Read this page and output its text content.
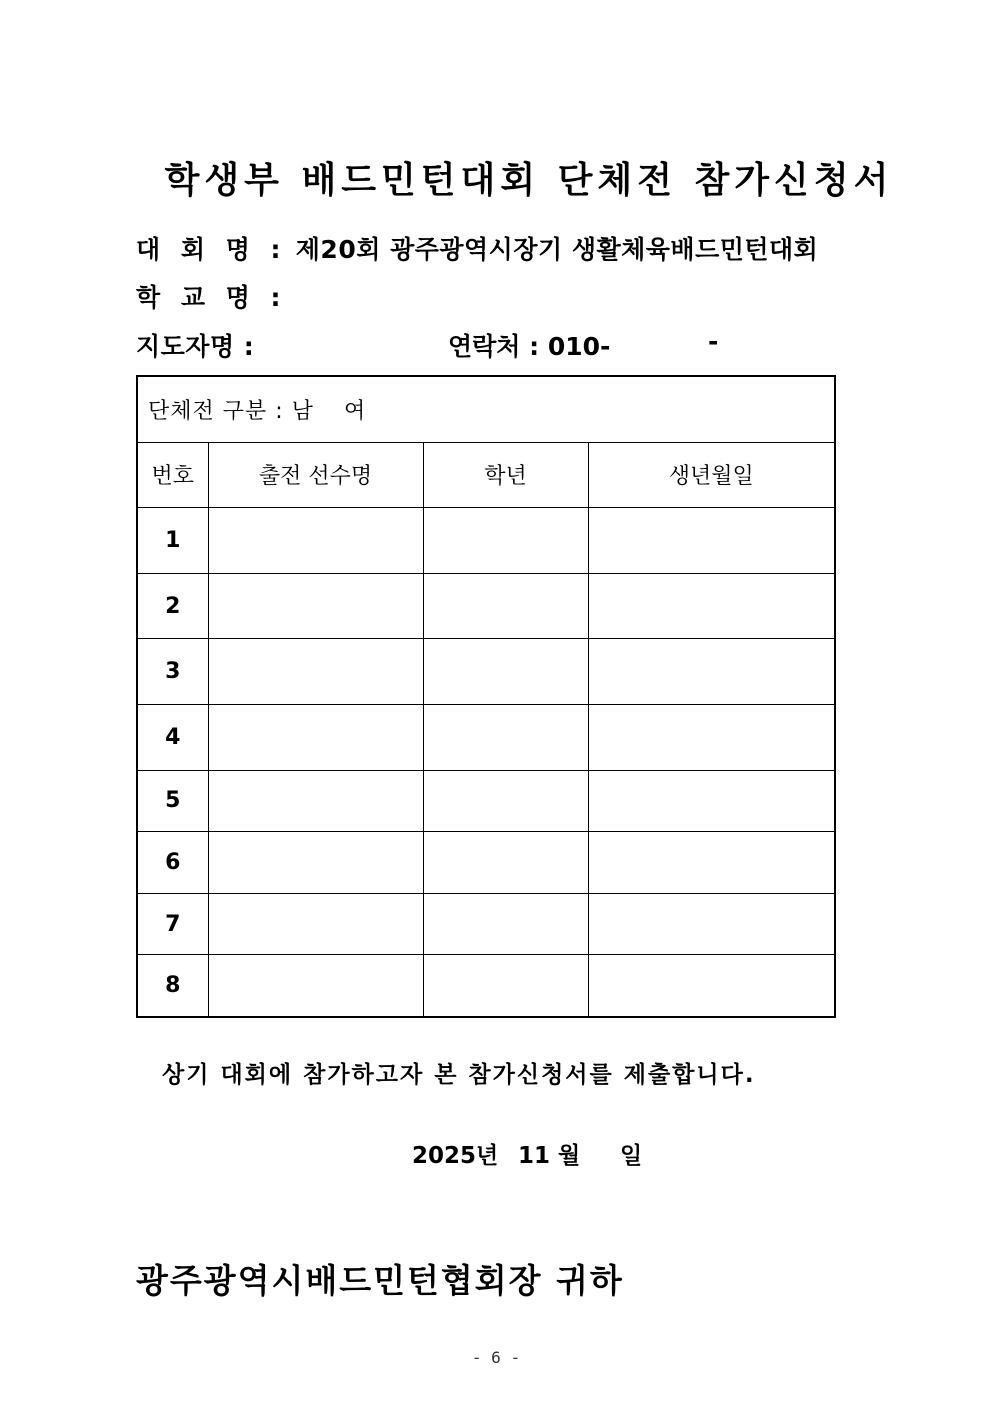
학생부 배드민턴대회 단체전 참가신청서
대 회 명 : 제20회 광주광역시장기 생활체육배드민턴대회
학 교 명 :
지도자명 :	연락처 : 010-	-
단체전 구분 : 남 여			
번호	출전 선수명	학년	생년월일
1			
2			
3			
4			
5			
6			
7			
8			
상기 대회에 참가하고자 본 참가신청서를 제출합니다.
2025년 11 월 일
광주광역시배드민턴협회장 귀하
- 6 -
